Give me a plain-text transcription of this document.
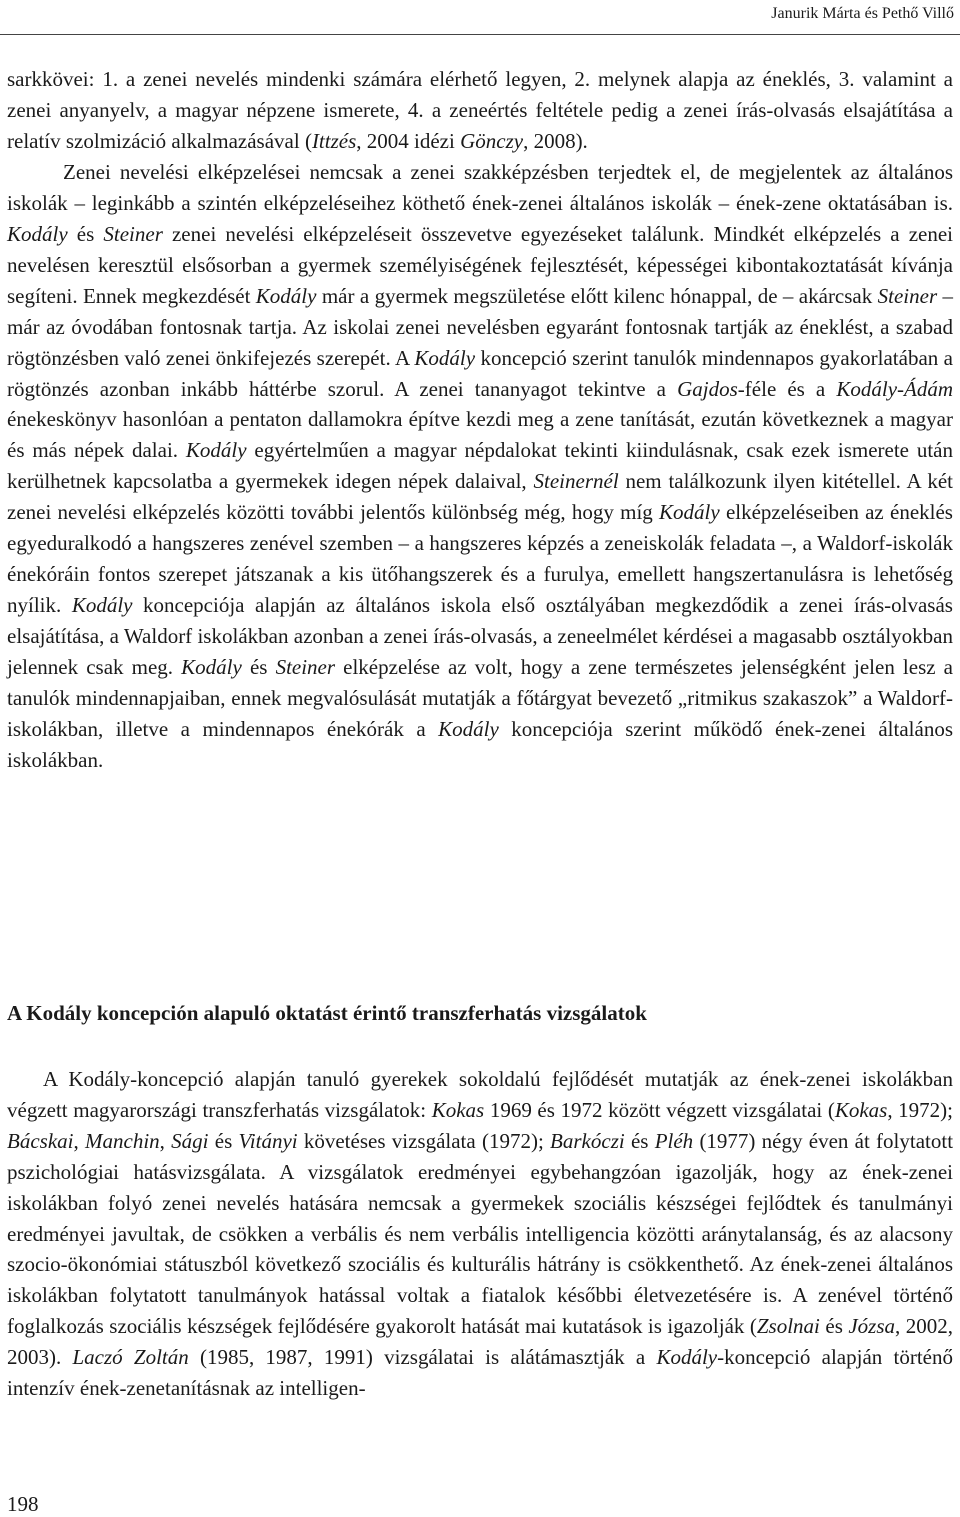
Janurik Márta és Pethő Villő

sarkkövei: 1. a zenei nevelés mindenki számára elérhető legyen, 2. melynek alapja az éneklés, 3. valamint a zenei anyanyelv, a magyar népzene ismerete, 4. a zeneértés feltétele pedig a zenei írás-olvasás elsajátítása a relatív szolmizáció alkalmazásával (Ittzés, 2004 idézi Gönczy, 2008).

Zenei nevelési elképzelései nemcsak a zenei szakképzésben terjedtek el, de megjelentek az általános iskolák – leginkább a szintén elképzeléseihez köthető ének-zenei általános iskolák – ének-zene oktatásában is. Kodály és Steiner zenei nevelési elképzeléseit összevetve egyezéseket találunk. Mindkét elképzelés a zenei nevelésen keresztül elsősorban a gyermek személyiségének fejlesztését, képességei kibontakoztatását kívánja segíteni. Ennek megkezdését Kodály már a gyermek megszületése előtt kilenc hónappal, de – akárcsak Steiner – már az óvodában fontosnak tartja. Az iskolai zenei nevelésben egyaránt fontosnak tartják az éneklést, a szabad rögtönzésben való zenei önkifejezés szerepét. A Kodály koncepció szerint tanulók mindennapos gyakorlatában a rögtönzés azonban inkább háttérbe szorul. A zenei tananyagot tekintve a Gajdos-féle és a Kodály-Ádám énekeskönyv hasonlóan a pentaton dallamokra építve kezdi meg a zene tanítását, ezután következnek a magyar és más népek dalai. Kodály egyértelműen a magyar népdalokat tekinti kiindulásnak, csak ezek ismerete után kerülhetnek kapcsolatba a gyermekek idegen népek dalaival, Steinernél nem találkozunk ilyen kitétellel. A két zenei nevelési elképzelés közötti további jelentős különbség még, hogy míg Kodály elképzeléseiben az éneklés egyeduralkodó a hangszeres zenével szemben – a hangszeres képzés a zeneiskolák feladata –, a Waldorf-iskolák énekóráin fontos szerepet játszanak a kis ütőhangszerek és a furulya, emellett hangszertanulásra is lehetőség nyílik. Kodály koncepciója alapján az általános iskola első osztályában megkezdődik a zenei írás-olvasás elsajátítása, a Waldorf iskolákban azonban a zenei írás-olvasás, a zeneelmélet kérdései a magasabb osztályokban jelennek csak meg. Kodály és Steiner elképzelése az volt, hogy a zene természetes jelenségként jelen lesz a tanulók mindennapjaiban, ennek megvalósulását mutatják a főtárgyat bevezető „ritmikus szakaszok” a Waldorf-iskolákban, illetve a mindennapos énekórák a Kodály koncepciója szerint működő ének-zenei általános iskolákban.

A Kodály koncepción alapuló oktatást érintő transzferhatás vizsgálatok

A Kodály-koncepció alapján tanuló gyerekek sokoldalú fejlődését mutatják az ének-zenei iskolákban végzett magyarországi transzferhatás vizsgálatok: Kokas 1969 és 1972 között végzett vizsgálatai (Kokas, 1972); Bácskai, Manchin, Sági és Vitányi követéses vizsgálata (1972); Barkóczi és Pléh (1977) négy éven át folytatott pszichológiai hatásvizsgálata. A vizsgálatok eredményei egybehangzóan igazolják, hogy az ének-zenei iskolákban folyó zenei nevelés hatására nemcsak a gyermekek szociális készségei fejlődtek és tanulmányi eredményei javultak, de csökken a verbális és nem verbális intelligencia közötti aránytalanság, és az alacsony szocio-ökonómiai státuszból következő szociális és kulturális hátrány is csökkenthető. Az ének-zenei általános iskolákban folytatott tanulmányok hatással voltak a fiatalok későbbi életvezetésére is. A zenével történő foglalkozás szociális készségek fejlődésére gyakorolt hatását mai kutatások is igazolják (Zsolnai és Józsa, 2002, 2003). Laczó Zoltán (1985, 1987, 1991) vizsgálatai is alátámasztják a Kodály-koncepció alapján történő intenzív ének-zenetanításnak az intelligen-

198
